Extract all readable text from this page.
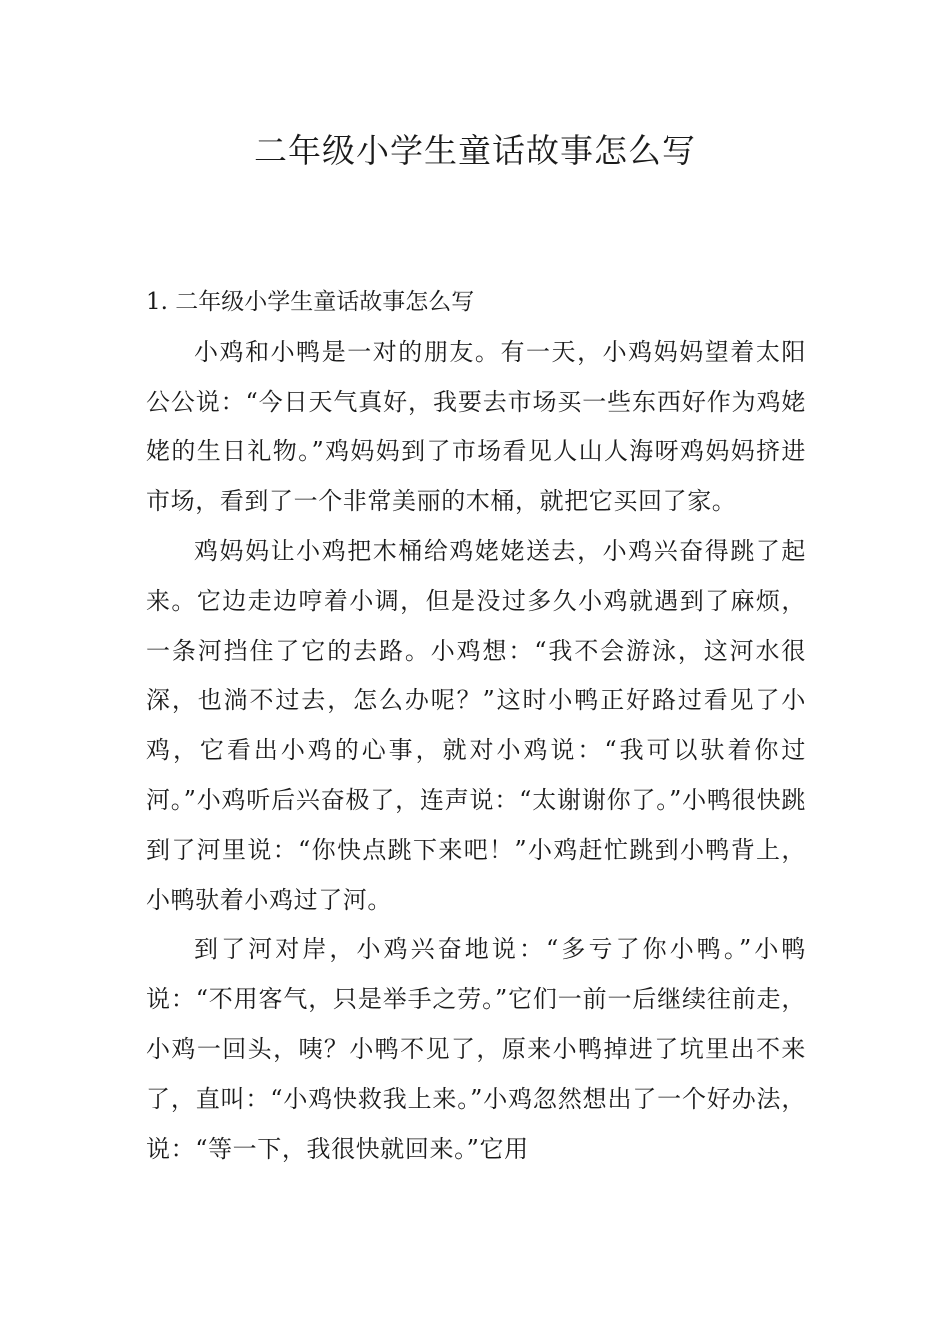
二年级小学生童话故事怎么写
1. 二年级小学生童话故事怎么写

小鸡和小鸭是一对的朋友。有一天，小鸡妈妈望着太阳公公说：“今日天气真好，我要去市场买一些东西好作为鸡姥姥的生日礼物。”鸡妈妈到了市场看见人山人海呀鸡妈妈挤进市场，看到了一个非常美丽的木桶，就把它买回了家。

鸡妈妈让小鸡把木桶给鸡姥姥送去，小鸡兴奋得跳了起来。它边走边哼着小调，但是没过多久小鸡就遇到了麻烦，一条河挡住了它的去路。小鸡想：“我不会游泳，这河水很深，也淌不过去，怎么办呢？”这时小鸭正好路过看见了小鸡，它看出小鸡的心事，就对小鸡说：“我可以驮着你过河。”小鸡听后兴奋极了，连声说：“太谢谢你了。”小鸭很快跳到了河里说：“你快点跳下来吧！”小鸡赶忙跳到小鸭背上，小鸭驮着小鸡过了河。

到了河对岸，小鸡兴奋地说：“多亏了你小鸭。”小鸭说：“不用客气，只是举手之劳。”它们一前一后继续往前走，小鸡一回头，咦？小鸭不见了，原来小鸭掉进了坑里出不来了，直叫：“小鸡快救我上来。”小鸡忽然想出了一个好办法，说：“等一下，我很快就回来。”它用
